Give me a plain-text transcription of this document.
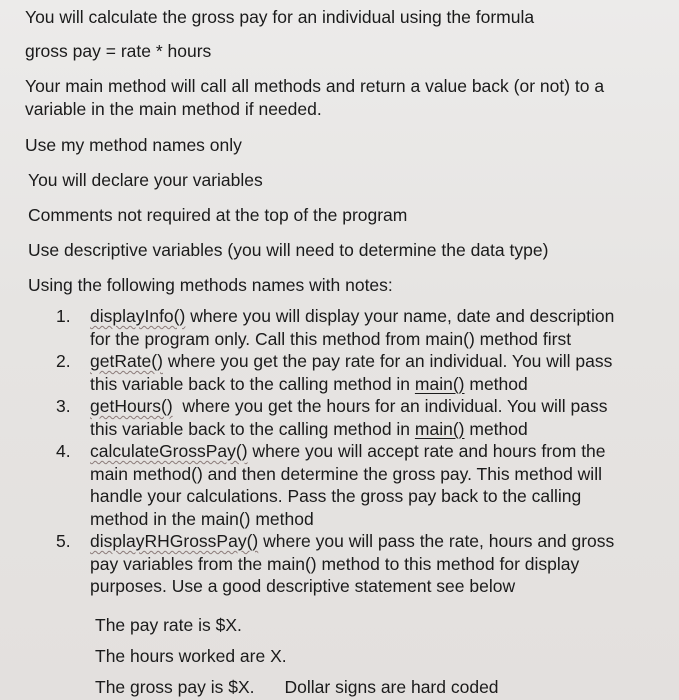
You will calculate the gross pay for an individual using the formula
gross pay = rate * hours
Your main method will call all methods and return a value back (or not) to a
variable in the main method if needed.
Use my method names only
You will declare your variables
Comments not required at the top of the program
Use descriptive variables (you will need to determine the data type)
Using the following methods names with notes:
1. displayInfo() where you will display your name, date and description
for the program only. Call this method from main() method first
2. getRate() where you get the pay rate for an individual. You will pass
this variable back to the calling method in main() method
3. getHours()  where you get the hours for an individual. You will pass
this variable back to the calling method in main() method
4. calculateGrossPay() where you will accept rate and hours from the
main method() and then determine the gross pay. This method will
handle your calculations. Pass the gross pay back to the calling
method in the main() method
5. displayRHGrossPay() where you will pass the rate, hours and gross
pay variables from the main() method to this method for display
purposes. Use a good descriptive statement see below
The pay rate is $X.
The hours worked are X.
The gross pay is $X. Dollar signs are hard coded
